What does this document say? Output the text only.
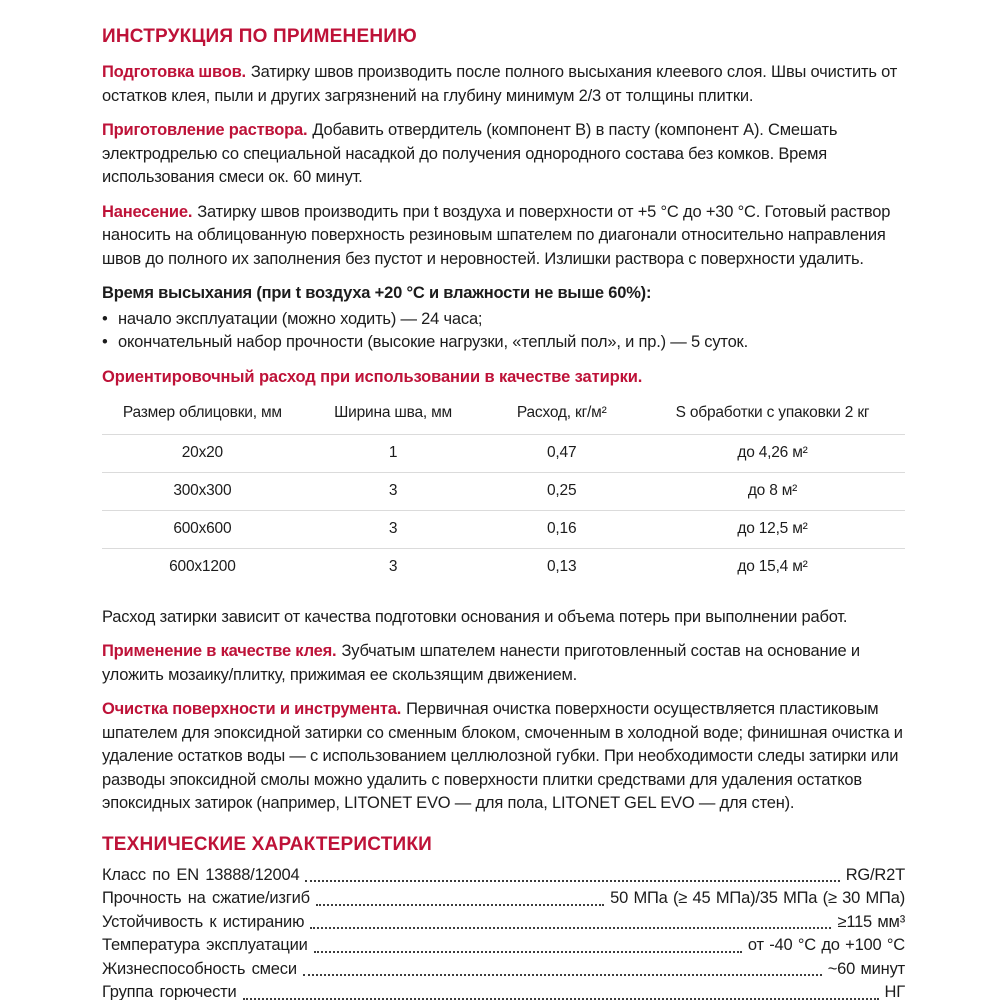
ИНСТРУКЦИЯ ПО ПРИМЕНЕНИЮ

Подготовка швов. Затирку швов производить после полного высыхания клеевого слоя. Швы очистить от остатков клея, пыли и других загрязнений на глубину минимум 2/3 от толщины плитки.

Приготовление раствора. Добавить отвердитель (компонент B) в пасту (компонент A). Смешать электродрелью со специальной насадкой до получения однородного состава без комков. Время использования смеси ок. 60 минут.

Нанесение. Затирку швов производить при t воздуха и поверхности от +5 °C до +30 °C. Готовый раствор наносить на облицованную поверхность резиновым шпателем по диагонали относительно направления швов до полного их заполнения без пустот и неровностей. Излишки раствора с поверхности удалить.

Время высыхания (при t воздуха +20 °C и влажности не выше 60%):

• начало эксплуатации (можно ходить) — 24 часа;
• окончательный набор прочности (высокие нагрузки, «теплый пол», и пр.) — 5 суток.

Ориентировочный расход при использовании в качестве затирки.

Размер облицовки, мм	Ширина шва, мм	Расход, кг/м²	S обработки с упаковки 2 кг
20x20	1	0,47	до 4,26 м²
300x300	3	0,25	до 8 м²
600x600	3	0,16	до 12,5 м²
600x1200	3	0,13	до 15,4 м²

Расход затирки зависит от качества подготовки основания и объема потерь при выполнении работ.

Применение в качестве клея. Зубчатым шпателем нанести приготовленный состав на основание и уложить мозаику/плитку, прижимая ее скользящим движением.

Очистка поверхности и инструмента. Первичная очистка поверхности осуществляется пластиковым шпателем для эпоксидной затирки со сменным блоком, смоченным в холодной воде; финишная очистка и удаление остатков воды — с использованием целлюлозной губки. При необходимости следы затирки или разводы эпоксидной смолы можно удалить с поверхности плитки средствами для удаления остатков эпоксидных затирок (например, LITONET EVO — для пола, LITONET GEL EVO — для стен).

ТЕХНИЧЕСКИЕ ХАРАКТЕРИСТИКИ
Класс по EN 13888/12004	RG/R2T
Прочность на сжатие/изгиб	50 МПа (≥ 45 МПа)/35 МПа (≥ 30 МПа)
Устойчивость к истиранию	≥115 мм³
Температура эксплуатации	от -40 °C до +100 °C
Жизнеспособность смеси	~60 минут
Группа горючести	НГ
